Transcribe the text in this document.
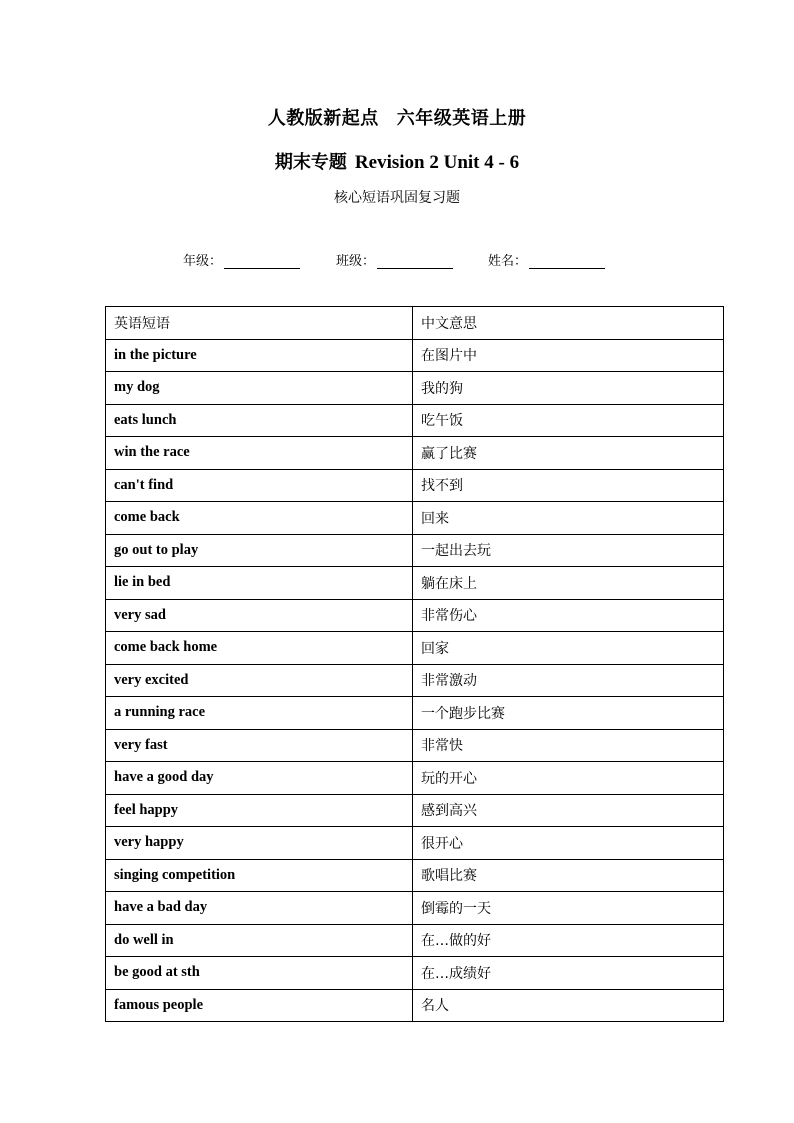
人教版新起点 六年级英语上册
期末专题 Revision 2 Unit 4 - 6
核心短语巩固复习题
年级：	班级：	姓名：
英语短语	中文意思
in the picture	在图片中
my dog	我的狗
eats lunch	吃午饭
win the race	赢了比赛
can't find	找不到
come back	回来
go out to play	一起出去玩
lie in bed	躺在床上
very sad	非常伤心
come back home	回家
very excited	非常激动
a running race	一个跑步比赛
very fast	非常快
have a good day	玩的开心
feel happy	感到高兴
very happy	很开心
singing competition	歌唱比赛
have a bad day	倒霉的一天
do well in	在…做的好
be good at sth	在…成绩好
famous people	名人
